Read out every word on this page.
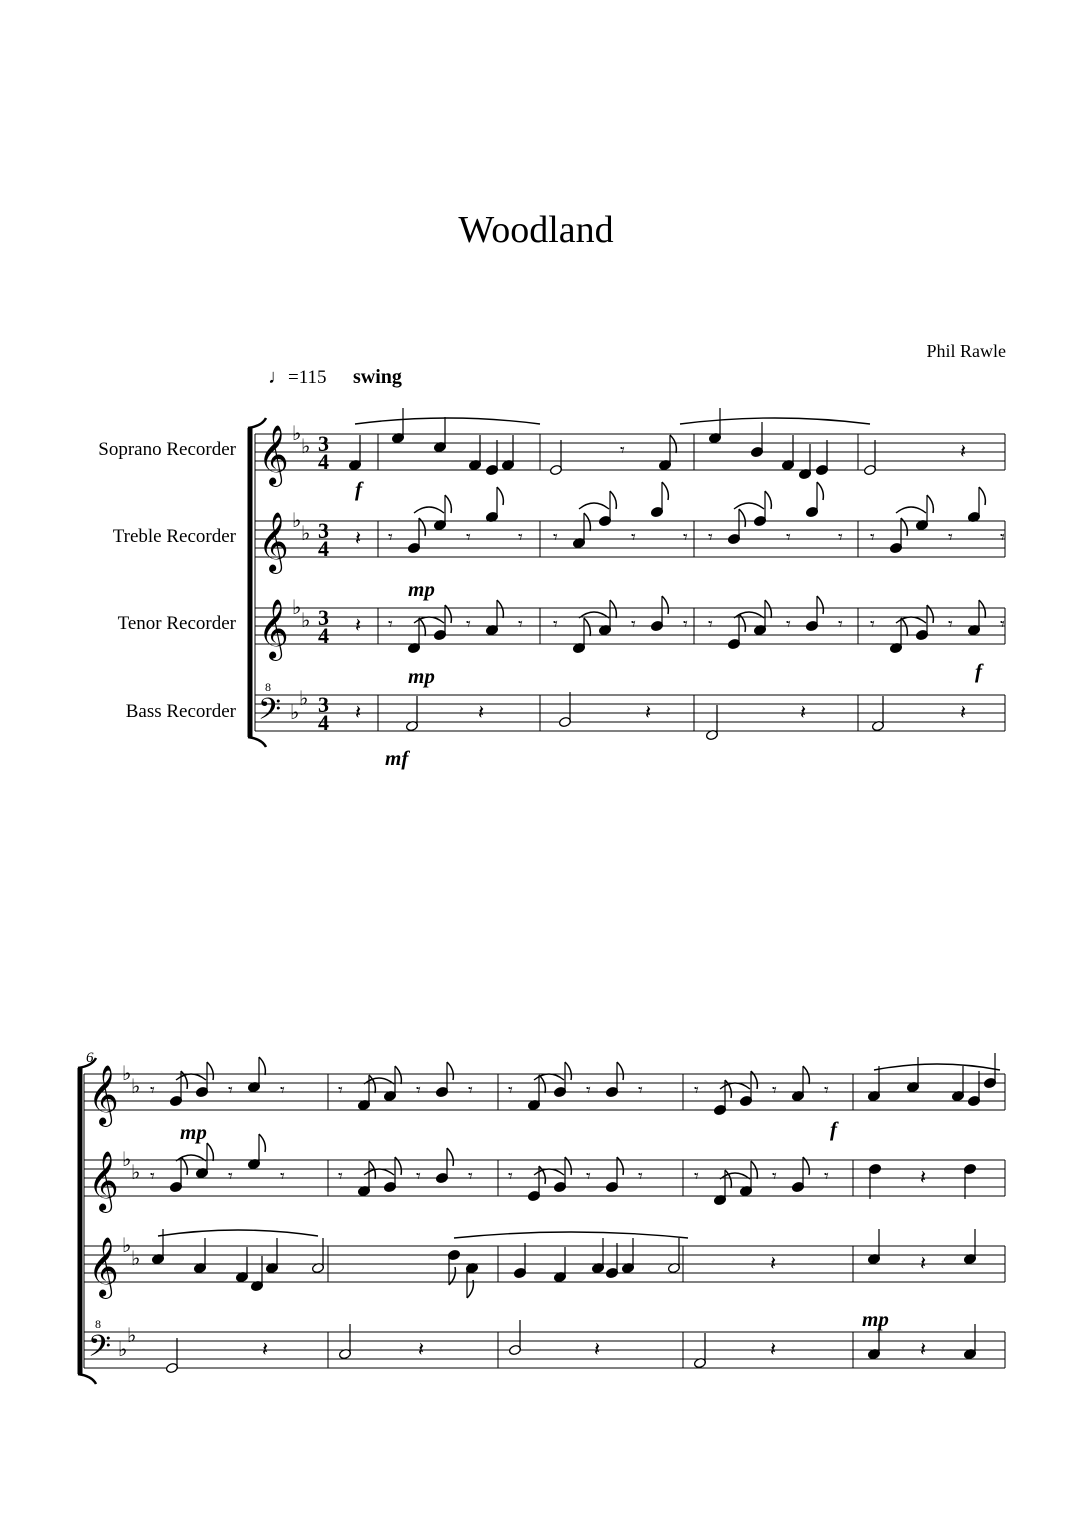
Woodland
Phil Rawle
♩=115 swing
Soprano Recorder
Treble Recorder
Tenor Recorder
Bass Recorder
6
𝄞 ♭
♭ 3
4
𝄞 ♭
♭ 3
4
𝄞 ♭
♭ 3
4
𝄢 ♭
♭ 3
4
8
f
𝄾	𝄽
𝄽
mp
𝄾	𝄾	𝄾 𝄾	𝄾	𝄾 𝄾	𝄾	𝄾 𝄾	𝄾	𝄾
𝄽
mp
𝄾	𝄾	𝄾 𝄾	𝄾	𝄾 𝄾	𝄾	𝄾 𝄾	𝄾	𝄾
f
𝄽	𝄽
mf
𝄽	𝄽	𝄽
𝄞 ♭
♭
𝄞 ♭
♭
𝄞 ♭
♭
𝄢 ♭
♭
8
𝄾	𝄾	𝄾
mp
𝄾	𝄾	𝄾 𝄾	𝄾	𝄾	𝄾	𝄾	𝄾
f
𝄾	𝄾	𝄾	𝄾	𝄾	𝄾 𝄾	𝄾	𝄾	𝄾	𝄾	𝄾	𝄽
𝄽	𝄽
mp
𝄽	𝄽	𝄽	𝄽	𝄽
